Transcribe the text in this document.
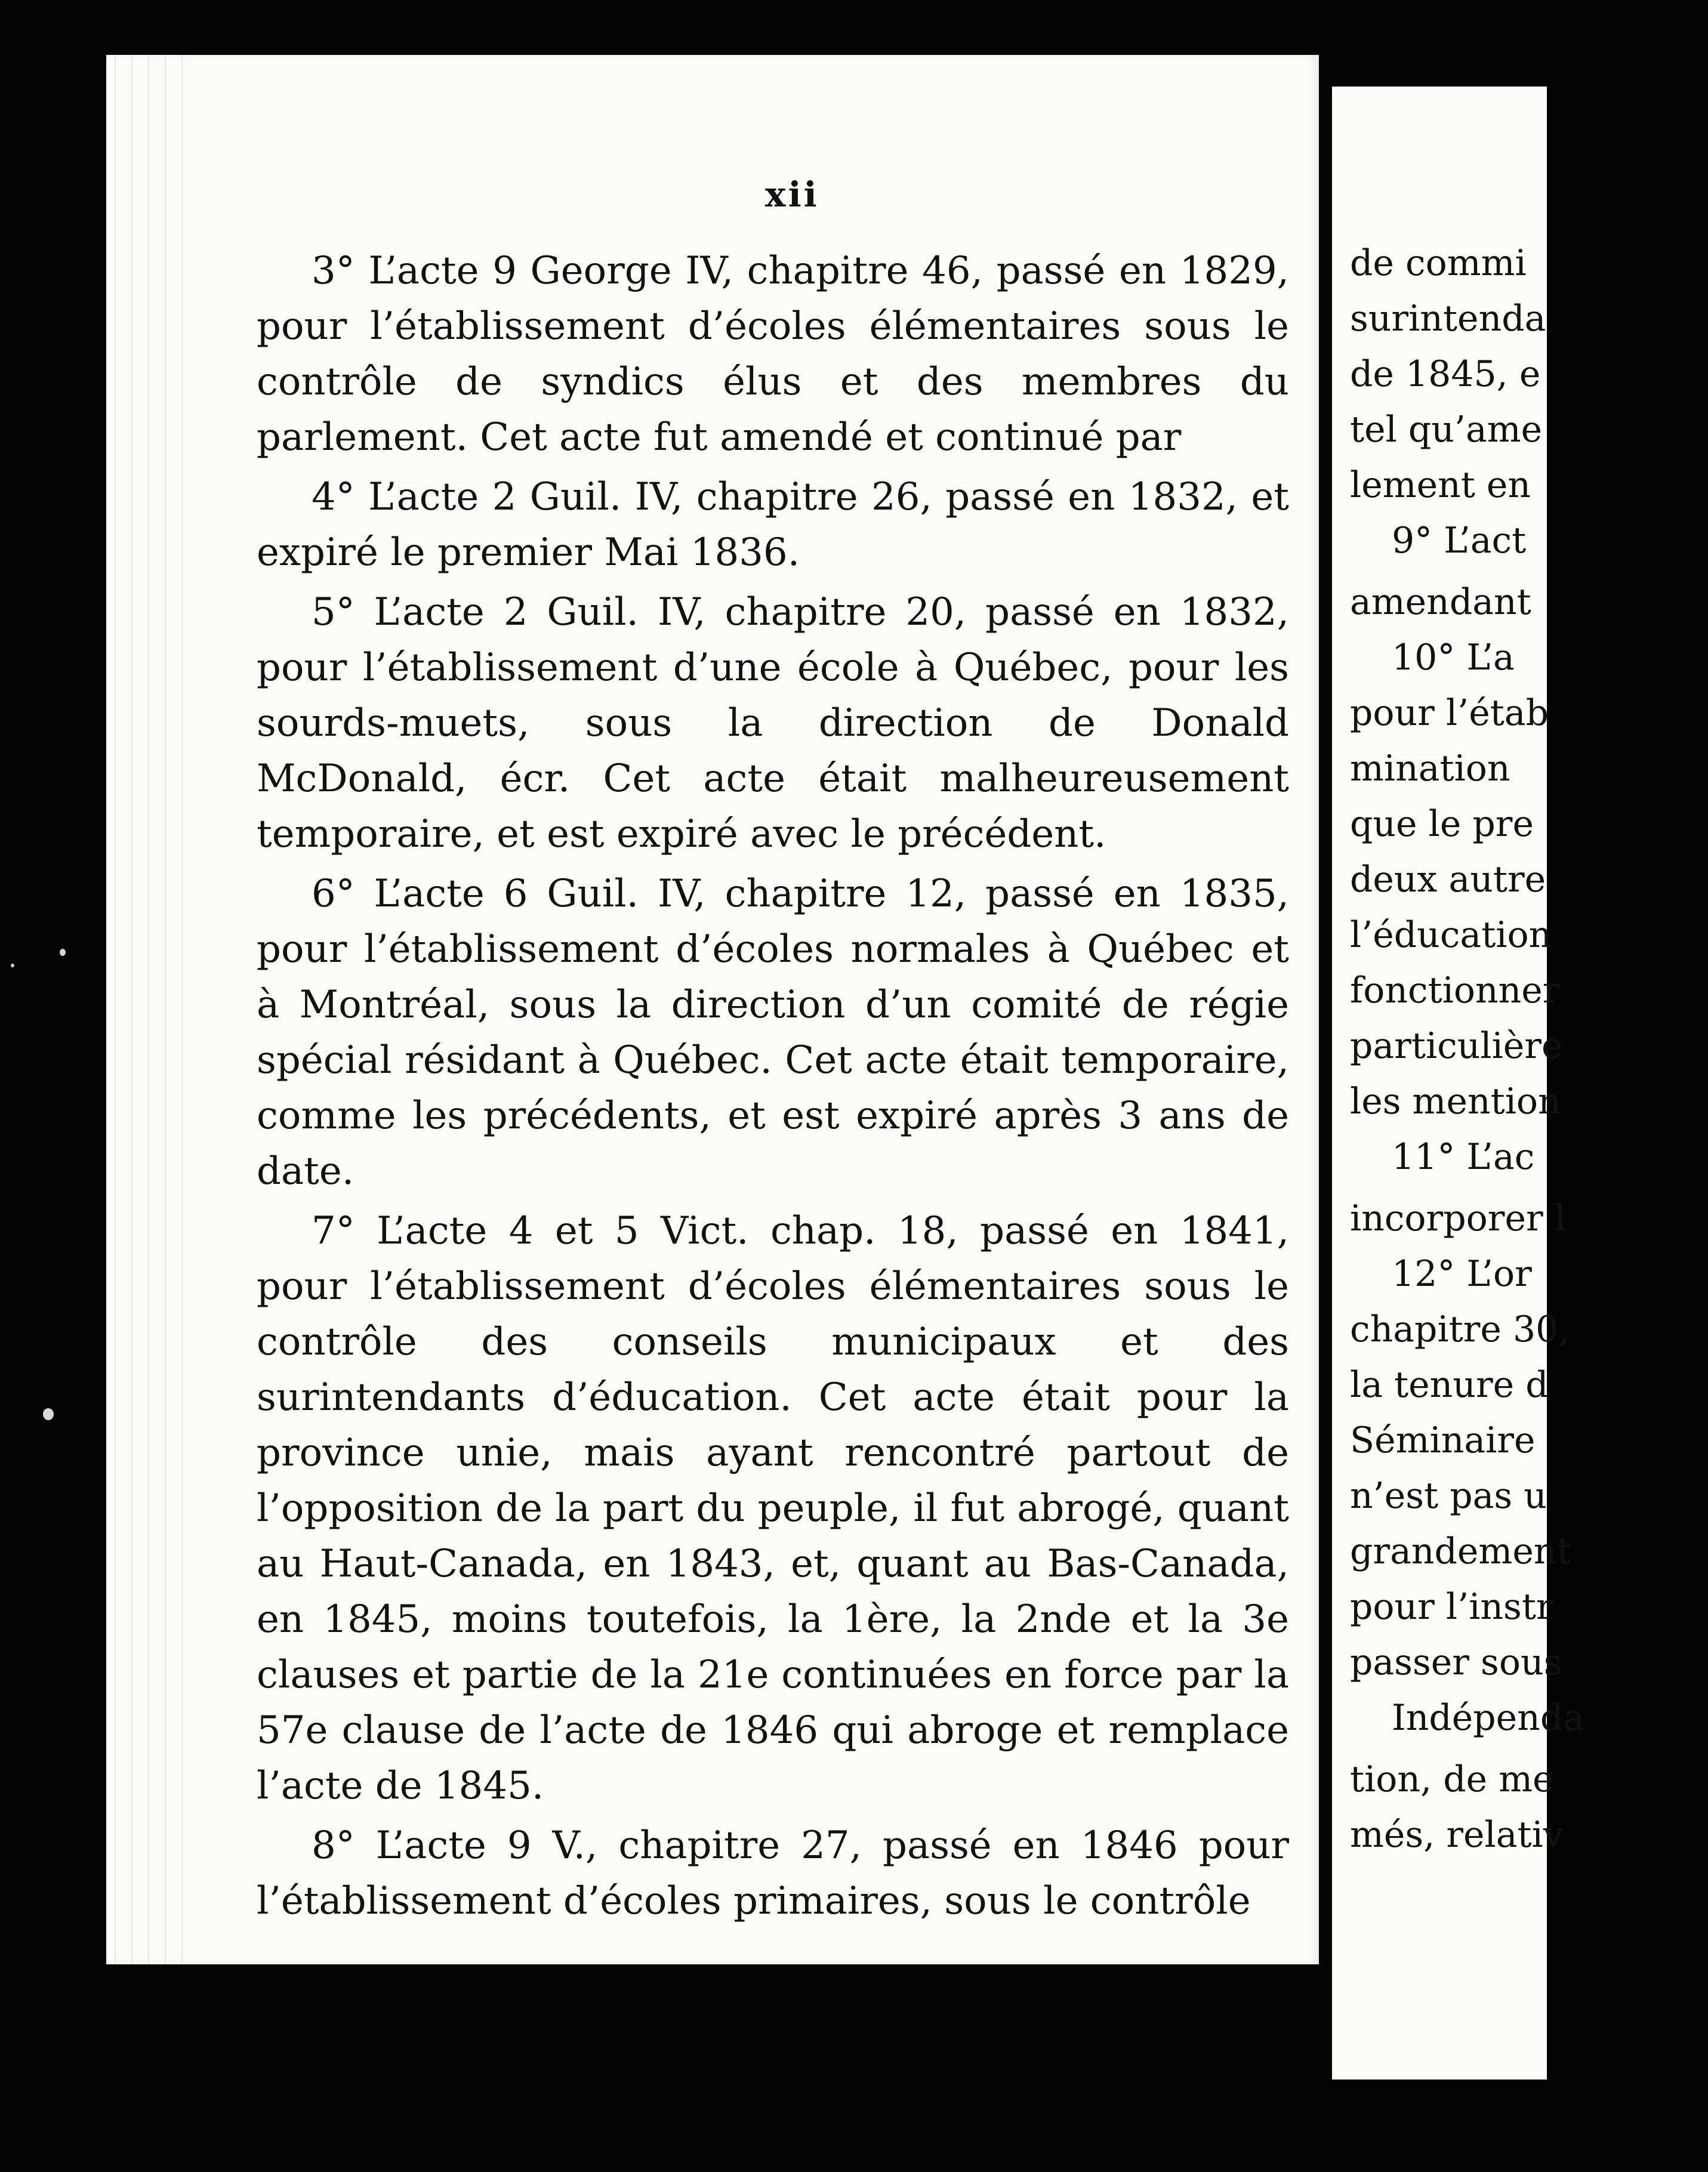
xii

3° L’acte 9 George IV, chapitre 46, passé en 1829, pour l’établissement d’écoles élémentaires sous le contrôle de syndics élus et des membres du parlement. Cet acte fut amendé et continué par

4° L’acte 2 Guil. IV, chapitre 26, passé en 1832, et expiré le premier Mai 1836.

5° L’acte 2 Guil. IV, chapitre 20, passé en 1832, pour l’établissement d’une école à Québec, pour les sourds-muets, sous la direction de Donald McDonald, écr. Cet acte était malheureusement temporaire, et est expiré avec le précédent.

6° L’acte 6 Guil. IV, chapitre 12, passé en 1835, pour l’établissement d’écoles normales à Québec et à Montréal, sous la direction d’un comité de régie spécial résidant à Québec. Cet acte était temporaire, comme les précédents, et est expiré après 3 ans de date.

7° L’acte 4 et 5 Vict. chap. 18, passé en 1841, pour l’établissement d’écoles élémentaires sous le contrôle des conseils municipaux et des surintendants d’éducation. Cet acte était pour la province unie, mais ayant rencontré partout de l’opposition de la part du peuple, il fut abrogé, quant au Haut-Canada, en 1843, et, quant au Bas-Canada, en 1845, moins toutefois, la 1ère, la 2nde et la 3e clauses et partie de la 21e continuées en force par la 57e clause de l’acte de 1846 qui abroge et remplace l’acte de 1845.

8° L’acte 9 V., chapitre 27, passé en 1846 pour l’établissement d’écoles primaires, sous le contrôle

de commi
surintenda
de 1845, e
tel qu’ame
lement en
9° L’act
amendant
10° L’a
pour l’étab
mination
que le pre
deux autre
l’éducation
fonctionner
particulière
les mention
11° L’ac
incorporer l
12° L’or
chapitre 30,
la tenure d
Séminaire
n’est pas u
grandement
pour l’instr
passer sous
Indépenda
tion, de me
més, relativ
